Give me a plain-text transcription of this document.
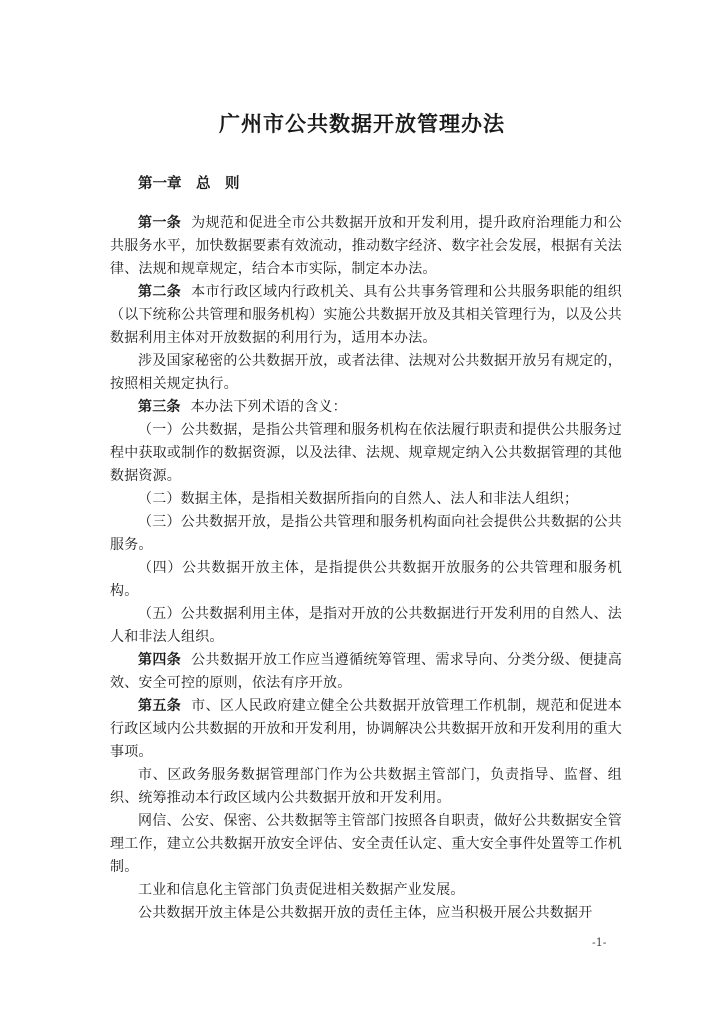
广州市公共数据开放管理办法
第一章　总　则

第一条 为规范和促进全市公共数据开放和开发利用，提升政府治理能力和公共服务水平，加快数据要素有效流动，推动数字经济、数字社会发展，根据有关法律、法规和规章规定，结合本市实际，制定本办法。

第二条 本市行政区域内行政机关、具有公共事务管理和公共服务职能的组织（以下统称公共管理和服务机构）实施公共数据开放及其相关管理行为，以及公共数据利用主体对开放数据的利用行为，适用本办法。

涉及国家秘密的公共数据开放，或者法律、法规对公共数据开放另有规定的，按照相关规定执行。

第三条 本办法下列术语的含义：

（一）公共数据，是指公共管理和服务机构在依法履行职责和提供公共服务过程中获取或制作的数据资源，以及法律、法规、规章规定纳入公共数据管理的其他数据资源。

（二）数据主体，是指相关数据所指向的自然人、法人和非法人组织；

（三）公共数据开放，是指公共管理和服务机构面向社会提供公共数据的公共服务。

（四）公共数据开放主体，是指提供公共数据开放服务的公共管理和服务机构。

（五）公共数据利用主体，是指对开放的公共数据进行开发利用的自然人、法人和非法人组织。

第四条 公共数据开放工作应当遵循统筹管理、需求导向、分类分级、便捷高效、安全可控的原则，依法有序开放。

第五条 市、区人民政府建立健全公共数据开放管理工作机制，规范和促进本行政区域内公共数据的开放和开发利用，协调解决公共数据开放和开发利用的重大事项。

市、区政务服务数据管理部门作为公共数据主管部门，负责指导、监督、组织、统筹推动本行政区域内公共数据开放和开发利用。

网信、公安、保密、公共数据等主管部门按照各自职责，做好公共数据安全管理工作，建立公共数据开放安全评估、安全责任认定、重大安全事件处置等工作机制。

工业和信息化主管部门负责促进相关数据产业发展。

公共数据开放主体是公共数据开放的责任主体，应当积极开展公共数据开

-1-
